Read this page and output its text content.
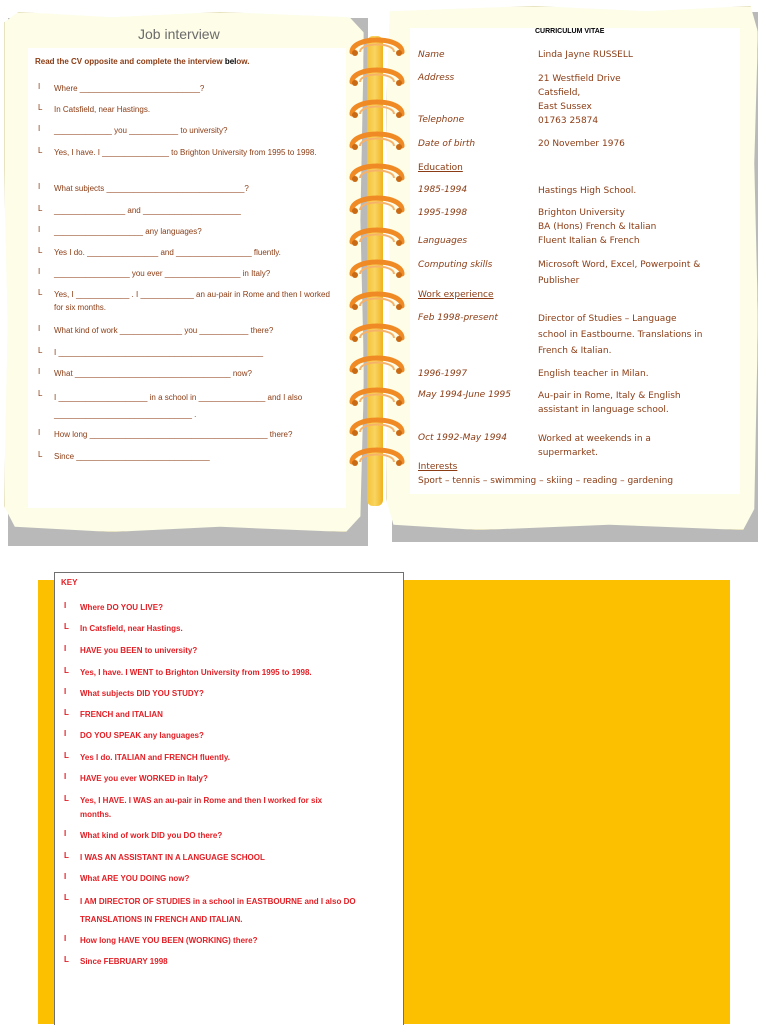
Job interview
Read the CV opposite and complete the interview below.
I	Where ___________________________?
L	In Catsfield, near Hastings.
I	_____________ you ___________ to university?
L	Yes, I have. I _______________ to Brighton University from 1995 to 1998.
I	What subjects _______________________________?
L	________________ and ______________________
I	____________________ any languages?
L	Yes I do. ________________ and _________________ fluently.
I	_________________ you ever _________________ in Italy?
L	Yes, I ____________ . I ____________ an au-pair in Rome and then I worked for six months.
I	What kind of work ______________ you ___________ there?
L	I ______________________________________________
I	What ___________________________________ now?
L	I ____________________ in a school in _______________ and I also _______________________________ .
I	How long ________________________________________ there?
L	Since ______________________________
CURRICULUM VITAE
Name	Linda Jayne RUSSELL
Address	21 Westfield Drive
Catsfield,
East Sussex
Telephone	01763 25874
Date of birth	20 November 1976
Education
1985-1994	Hastings High School.
1995-1998	Brighton University
BA (Hons) French & Italian
Languages	Fluent Italian & French
Computing skills	Microsoft Word, Excel, Powerpoint &
Publisher
Work experience
Feb 1998-present	Director of Studies – Language
school in Eastbourne. Translations in
French & Italian.
1996-1997	English teacher in Milan.
May 1994-June 1995	Au-pair in Rome, Italy & English
assistant in language school.
Oct 1992-May 1994	Worked at weekends in a
supermarket.
Interests
Sport – tennis – swimming – skiing – reading – gardening
KEY
I	Where DO YOU LIVE?
L	In Catsfield, near Hastings.
I	HAVE you BEEN to university?
L	Yes, I have. I WENT to Brighton University from 1995 to 1998.
I	What subjects DID YOU STUDY?
L	FRENCH and ITALIAN
I	DO YOU SPEAK any languages?
L	Yes I do. ITALIAN and FRENCH fluently.
I	HAVE you ever WORKED in Italy?
L	Yes, I HAVE. I WAS an au-pair in Rome and then I worked for six months.
I	What kind of work DID you DO there?
L	I WAS AN ASSISTANT IN A LANGUAGE SCHOOL
I	What ARE YOU DOING now?
L	I AM DIRECTOR OF STUDIES in a school in EASTBOURNE and I also DO TRANSLATIONS IN FRENCH AND ITALIAN.
I	How long HAVE YOU BEEN (WORKING) there?
L	Since FEBRUARY 1998
